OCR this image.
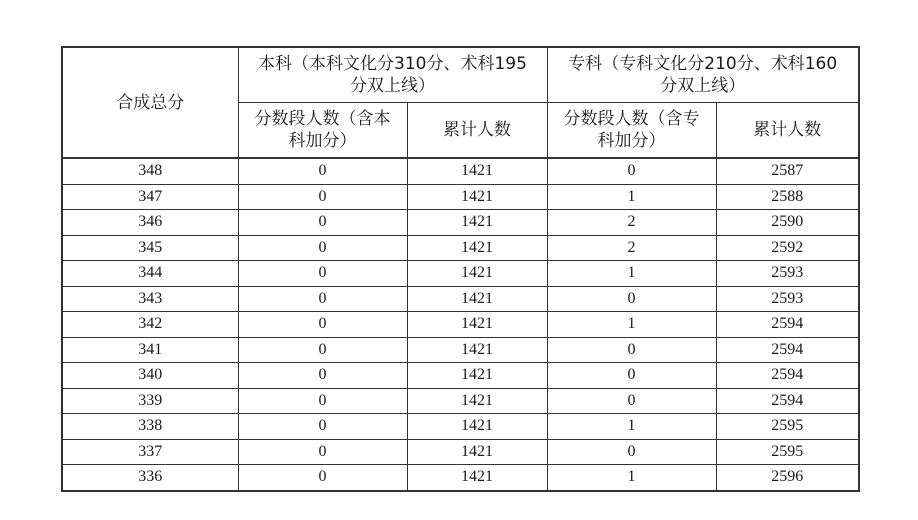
合成总分	本科（本科文化分310分、术科195
分双上线）		专科（专科文化分210分、术科160
分双上线）	

	分数段人数（含本
科加分）	累计人数	分数段人数（含专
科加分）	累计人数
348	0	1421	0	2587
347	0	1421	1	2588
346	0	1421	2	2590
345	0	1421	2	2592
344	0	1421	1	2593
343	0	1421	0	2593
342	0	1421	1	2594
341	0	1421	0	2594
340	0	1421	0	2594
339	0	1421	0	2594
338	0	1421	1	2595
337	0	1421	0	2595
336	0	1421	1	2596
